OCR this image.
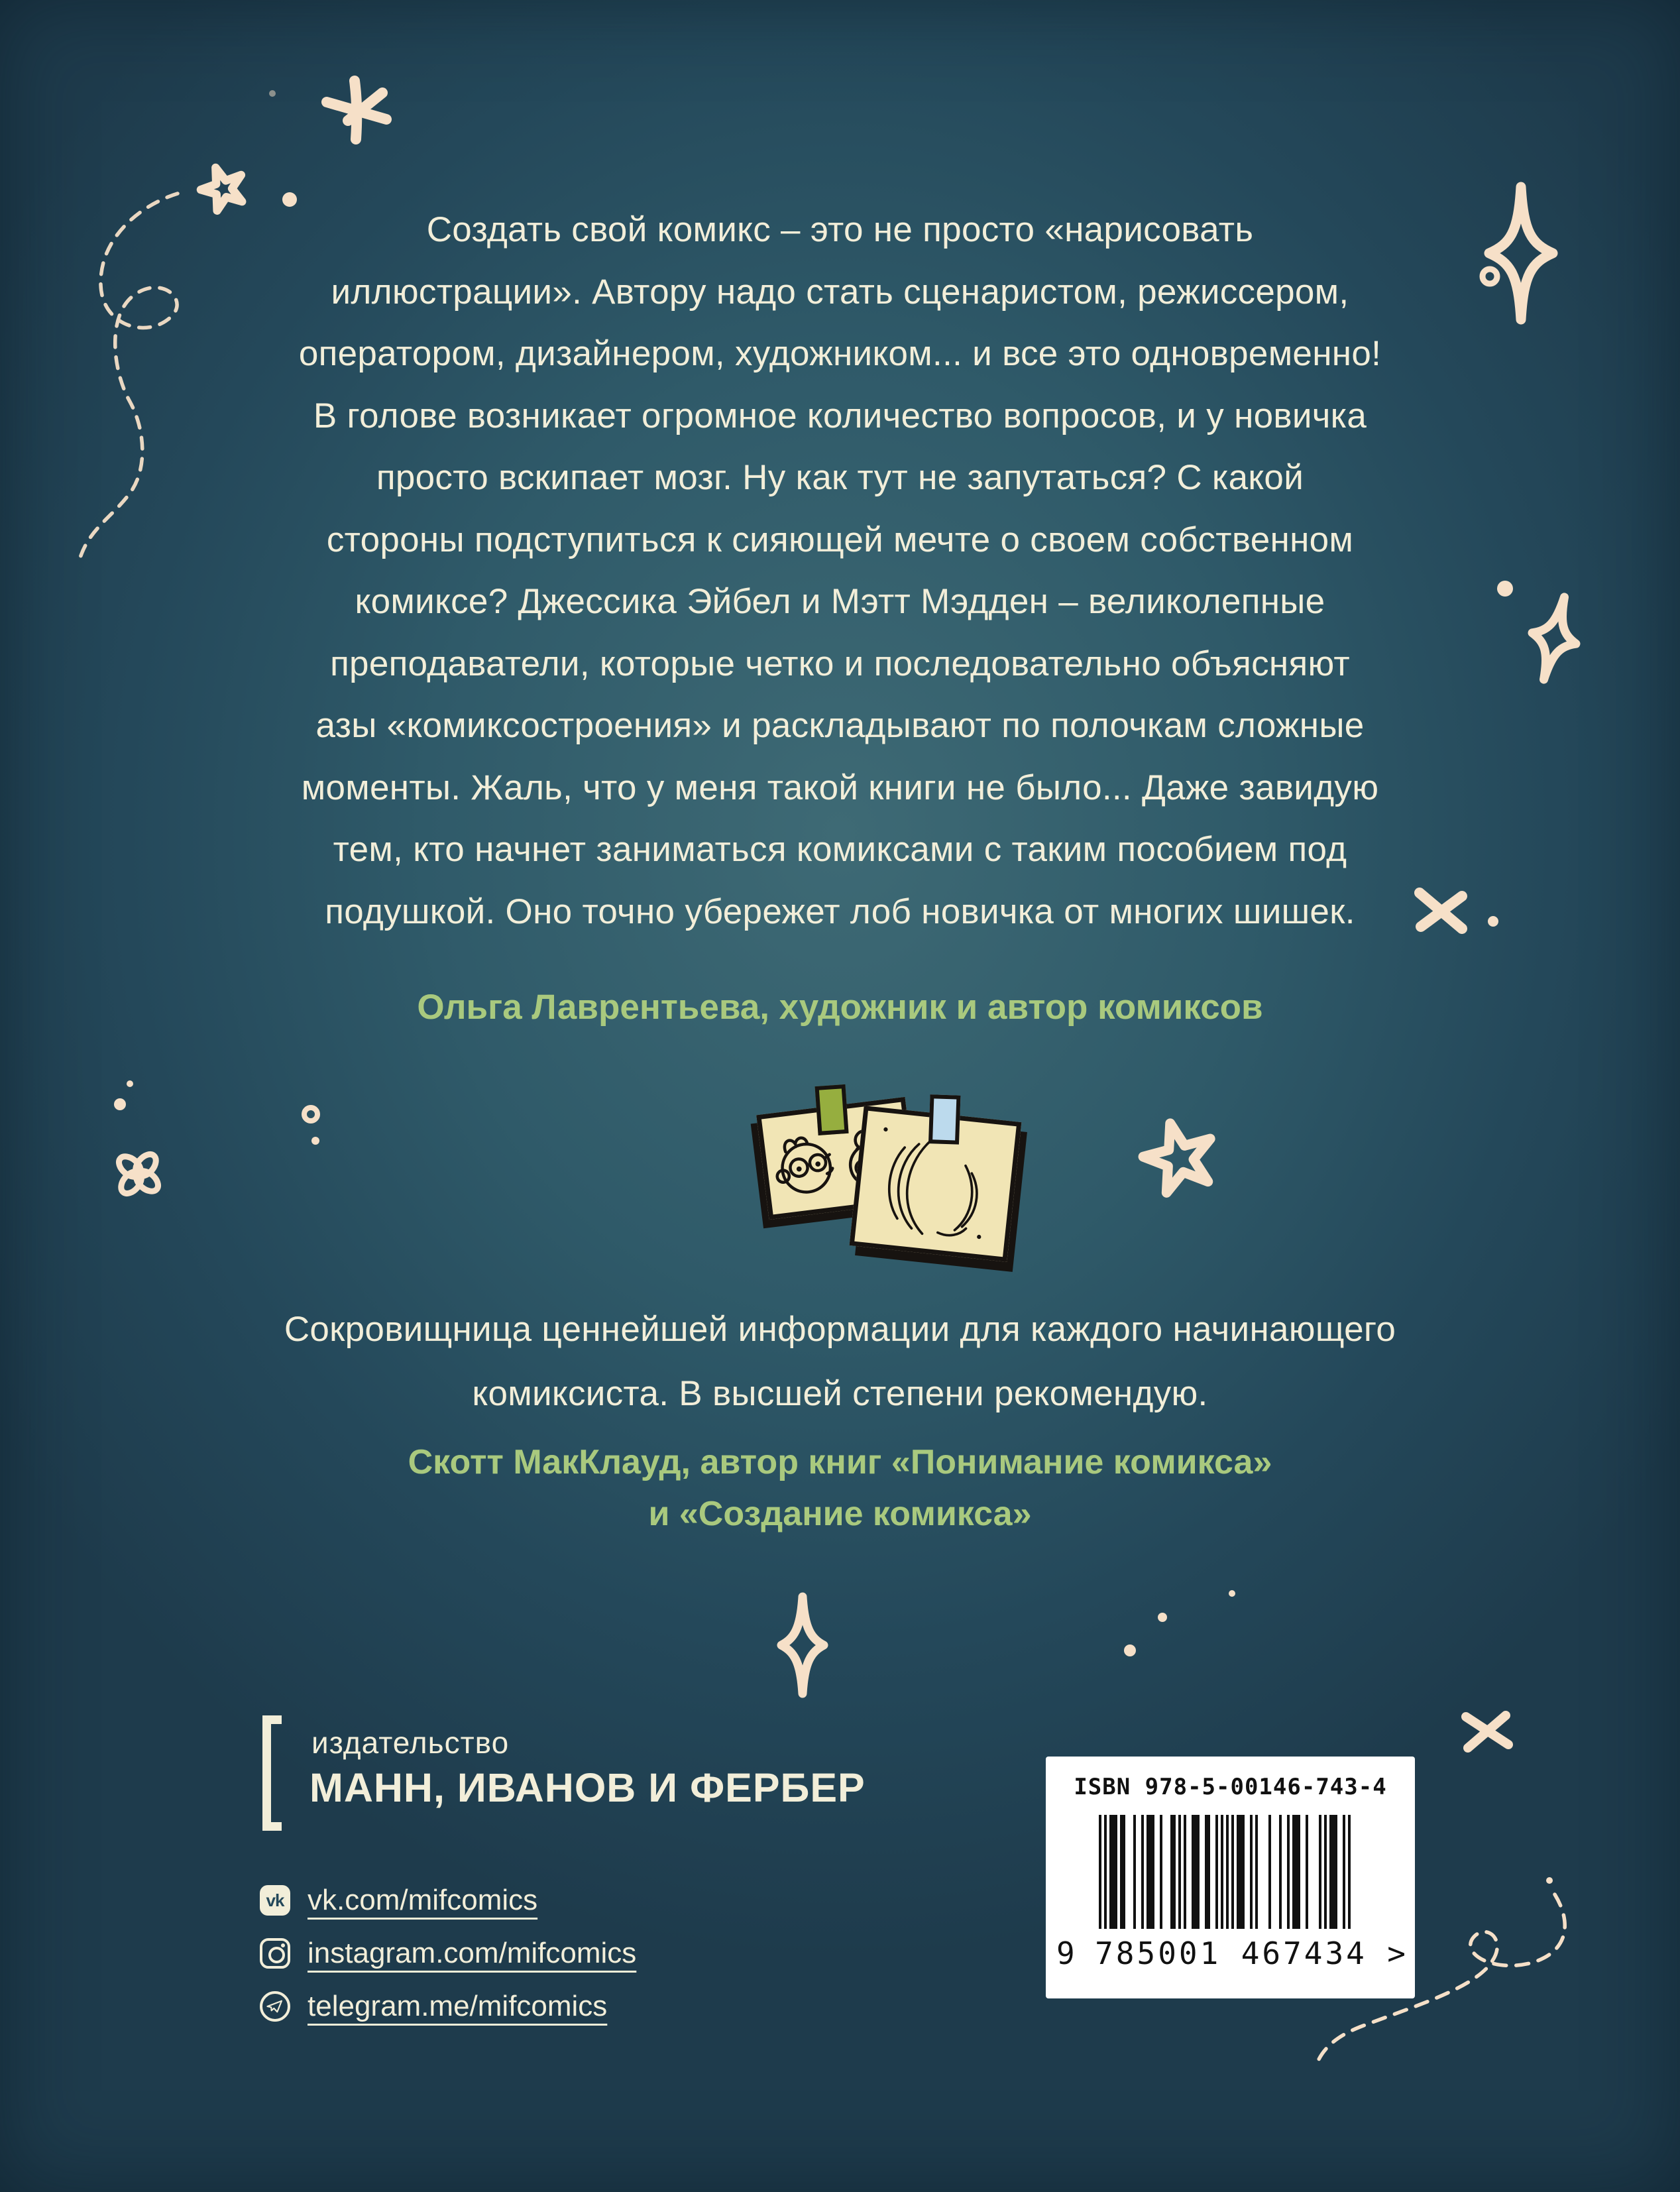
Создать свой комикс – это не просто «нарисовать
иллюстрации». Автору надо стать сценаристом, режиссером,
оператором, дизайнером, художником... и все это одновременно!
В голове возникает огромное количество вопросов, и у новичка
просто вскипает мозг. Ну как тут не запутаться? С какой
стороны подступиться к сияющей мечте о своем собственном
комиксе? Джессика Эйбел и Мэтт Мэдден – великолепные
преподаватели, которые четко и последовательно объясняют
азы «комиксостроения» и раскладывают по полочкам сложные
моменты. Жаль, что у меня такой книги не было... Даже завидую
тем, кто начнет заниматься комиксами с таким пособием под
подушкой. Оно точно убережет лоб новичка от многих шишек.
Ольга Лаврентьева, художник и автор комиксов
Сокровищница ценнейшей информации для каждого начинающего
комиксиста. В высшей степени рекомендую.
Скотт МакКлауд, автор книг «Понимание комикса»
и «Создание комикса»
издательство
МАНН, ИВАНОВ И ФЕРБЕР
vk vk.com/mifcomics
instagram.com/mifcomics
telegram.me/mifcomics
ISBN 978-5-00146-743-4
9 785001 467434 >
